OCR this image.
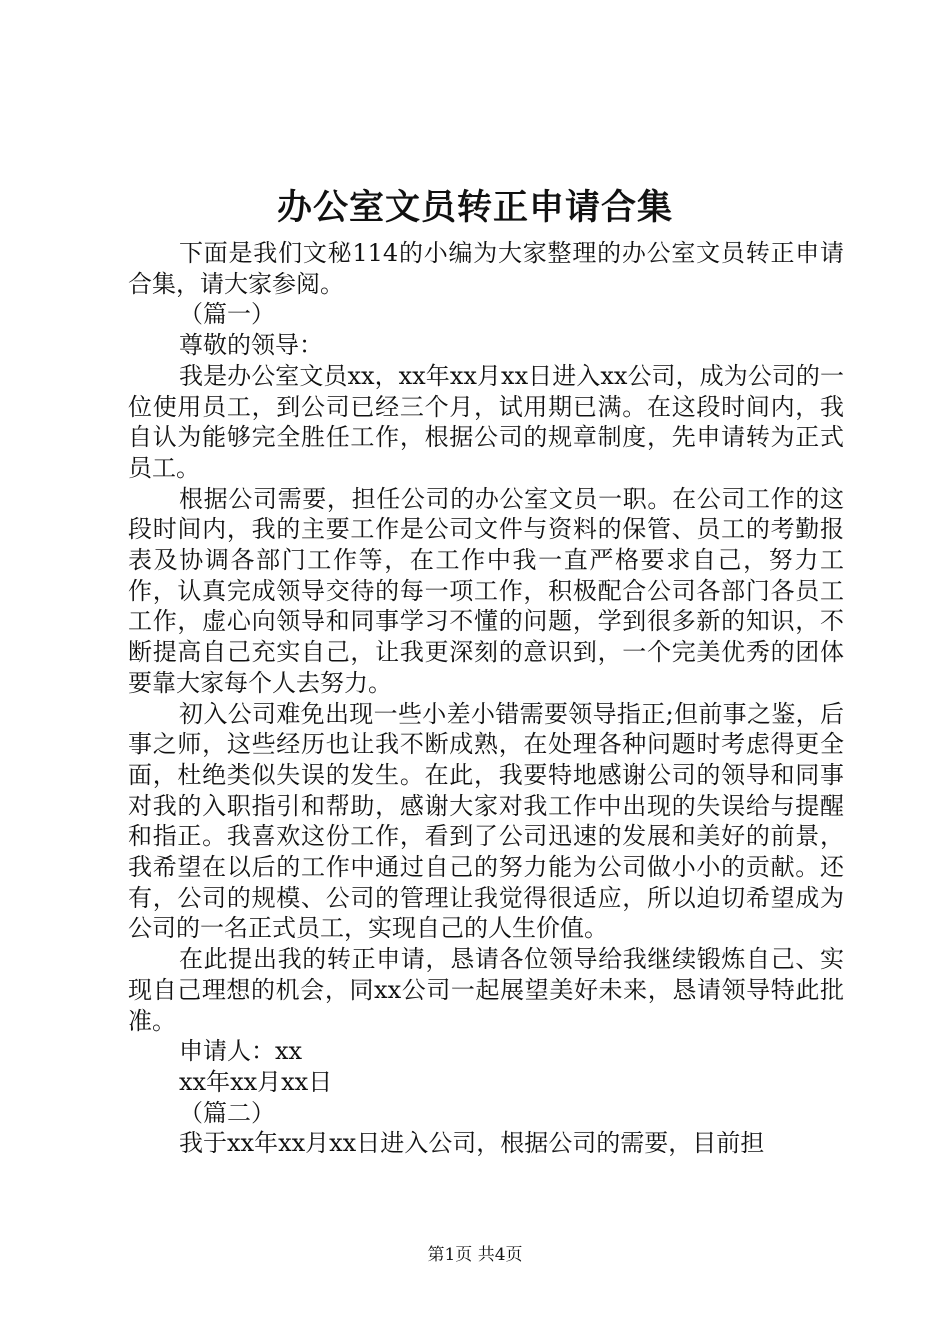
办公室文员转正申请合集

下面是我们文秘114的小编为大家整理的办公室文员转正申请合集，请大家参阅。

（篇一）

尊敬的领导：

我是办公室文员xx，xx年xx月xx日进入xx公司，成为公司的一位使用员工，到公司已经三个月，试用期已满。在这段时间内，我自认为能够完全胜任工作，根据公司的规章制度，先申请转为正式员工。

根据公司需要，担任公司的办公室文员一职。在公司工作的这段时间内，我的主要工作是公司文件与资料的保管、员工的考勤报表及协调各部门工作等，在工作中我一直严格要求自己，努力工作，认真完成领导交待的每一项工作，积极配合公司各部门各员工工作，虚心向领导和同事学习不懂的问题，学到很多新的知识，不断提高自己充实自己，让我更深刻的意识到，一个完美优秀的团体要靠大家每个人去努力。

初入公司难免出现一些小差小错需要领导指正;但前事之鉴，后事之师，这些经历也让我不断成熟，在处理各种问题时考虑得更全面，杜绝类似失误的发生。在此，我要特地感谢公司的领导和同事对我的入职指引和帮助，感谢大家对我工作中出现的失误给与提醒和指正。我喜欢这份工作，看到了公司迅速的发展和美好的前景，我希望在以后的工作中通过自己的努力能为公司做小小的贡献。还有，公司的规模、公司的管理让我觉得很适应，所以迫切希望成为公司的一名正式员工，实现自己的人生价值。

在此提出我的转正申请，恳请各位领导给我继续锻炼自己、实现自己理想的机会，同xx公司一起展望美好未来，恳请领导特此批准。

申请人：xx

xx年xx月xx日

（篇二）

我于xx年xx月xx日进入公司，根据公司的需要，目前担

第1页 共4页
